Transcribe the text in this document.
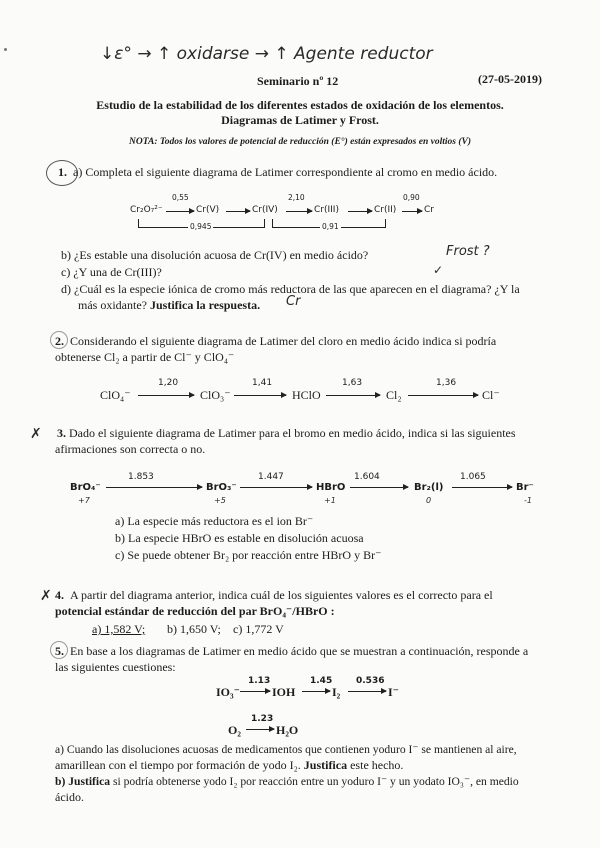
↓ε° → ↑ oxidarse → ↑ Agente reductor
Seminario nº 12	(27-05-2019)
Estudio de la estabilidad de los diferentes estados de oxidación de los elementos.
Diagramas de Latimer y Frost.
NOTA: Todos los valores de potencial de reducción (E°) están expresados en voltios (V)
1. a) Completa el siguiente diagrama de Latimer correspondiente al cromo en medio ácido.
Cr₂O₇²⁻
0,55
Cr(V)	Cr(IV)
2,10
Cr(III)	Cr(II)
0,90
Cr
0,945	0,91
b) ¿Es estable una disolución acuosa de Cr(IV) en medio ácido?	Frost ?
c) ¿Y una de Cr(III)?	✓
d) ¿Cuál es la especie iónica de cromo más reductora de las que aparecen en el diagrama? ¿Y la
más oxidante? Justifica la respuesta. Cr
2. Considerando el siguiente diagrama de Latimer del cloro en medio ácido indica si podría
obtenerse Cl₂ a partir de Cl⁻ y ClO₄⁻
ClO₄⁻
1,20
ClO₃⁻
1,41
HClO
1,63
Cl₂
1,36
Cl⁻
✗ 3. Dado el siguiente diagrama de Latimer para el bromo en medio ácido, indica si las siguientes
afirmaciones son correcta o no.
BrO₄⁻
1.853
BrO₃⁻
1.447
HBrO
1.604
Br₂(l)
1.065
Br⁻
+7	+5	+1	0	-1
a) La especie más reductora es el ion Br⁻
b) La especie HBrO es estable en disolución acuosa
c) Se puede obtener Br₂ por reacción entre HBrO y Br⁻
✗ 4. A partir del diagrama anterior, indica cuál de los siguientes valores es el correcto para el
potencial estándar de reducción del par BrO₄⁻/HBrO :
a) 1,582 V; b) 1,650 V; c) 1,772 V
5. En base a los diagramas de Latimer en medio ácido que se muestran a continuación, responde a
las siguientes cuestiones:
IO₃⁻
1.13
IOH
1.45
I₂
0.536
I⁻
O₂
1.23
H₂O
a) Cuando las disoluciones acuosas de medicamentos que contienen yoduro I⁻ se mantienen al aire,
amarillean con el tiempo por formación de yodo I₂. Justifica este hecho.
b) Justifica si podría obtenerse yodo I₂ por reacción entre un yoduro I⁻ y un yodato IO₃⁻, en medio
ácido.
